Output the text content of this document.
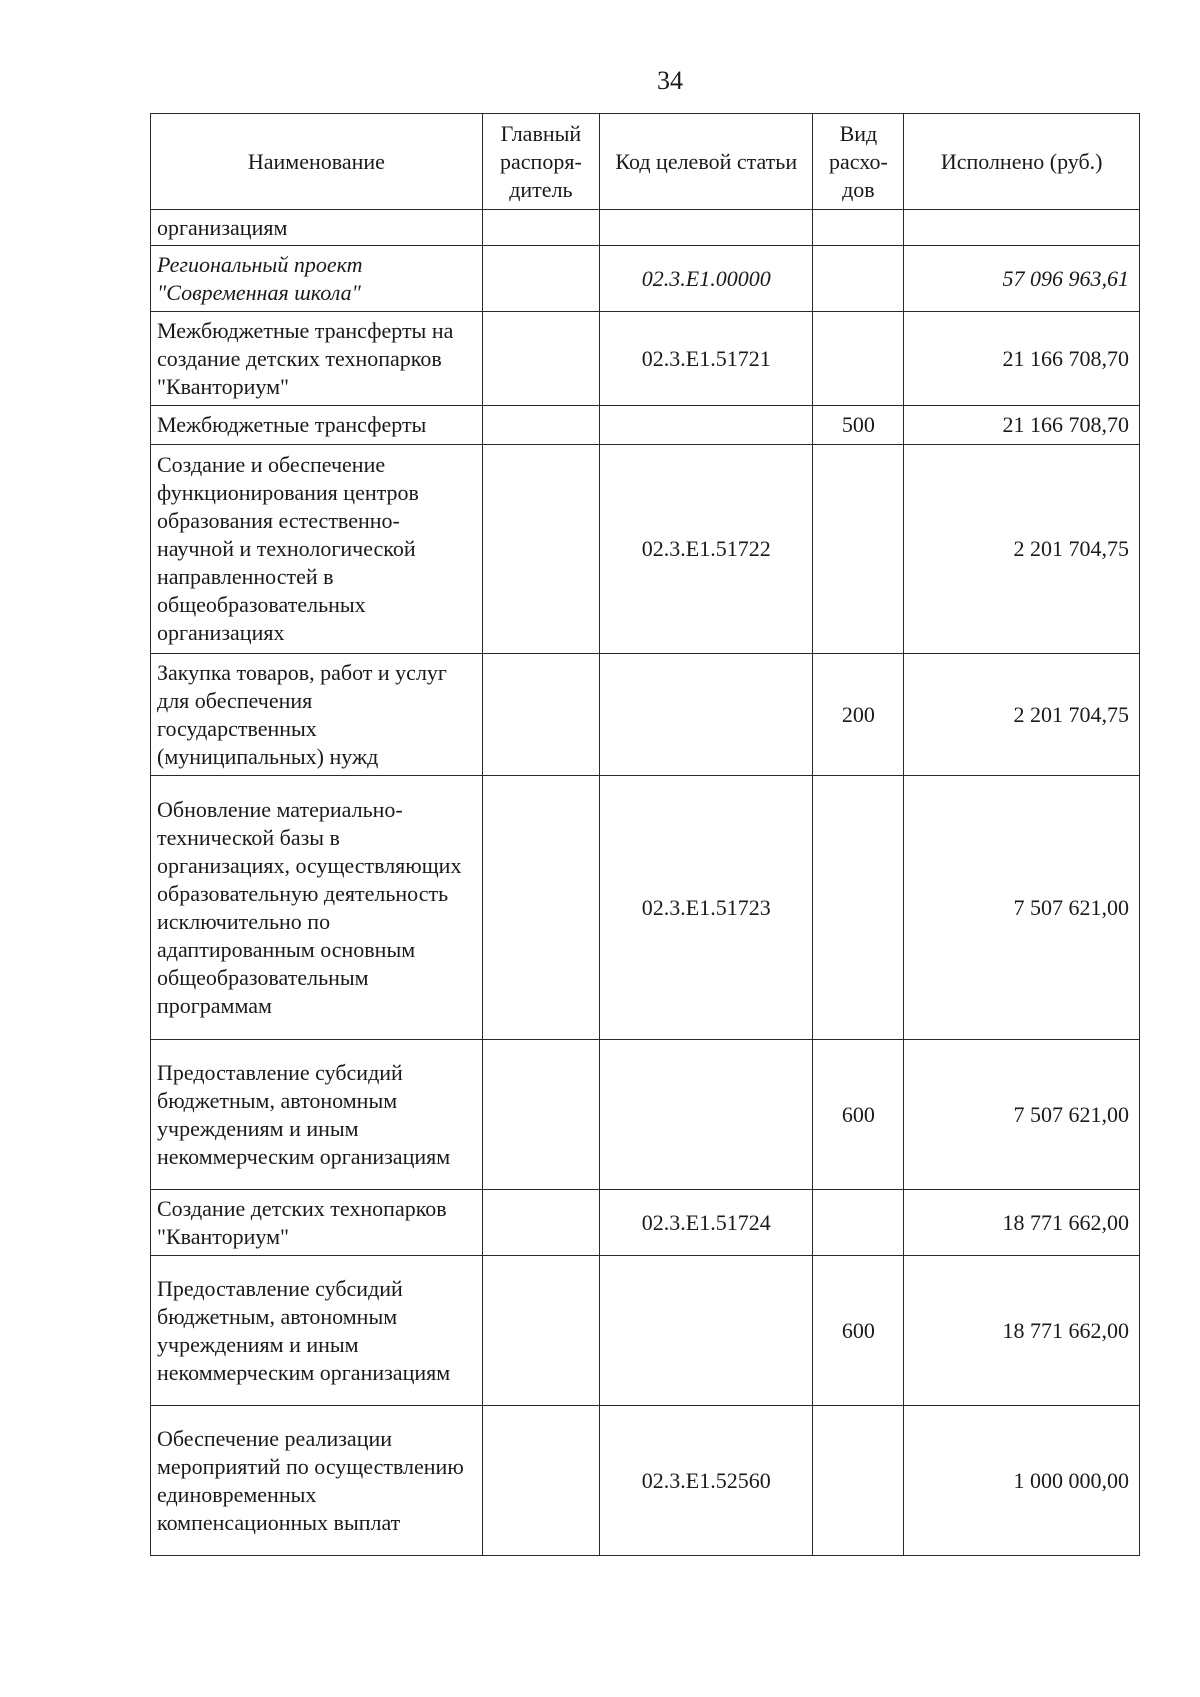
34
Наименование	Главный распоря-дитель	Код целевой статьи	Вид расхо-дов	Исполнено (руб.)
организациям				
Региональный проект "Современная школа"		02.3.E1.00000		57 096 963,61
Межбюджетные трансферты на создание детских технопарков "Кванториум"		02.3.E1.51721		21 166 708,70
Межбюджетные трансферты			500	21 166 708,70
Создание и обеспечение функционирования центров образования естественно-научной и технологической направленностей в общеобразовательных организациях		02.3.E1.51722		2 201 704,75
Закупка товаров, работ и услуг для обеспечения государственных (муниципальных) нужд			200	2 201 704,75
Обновление материально-технической базы в организациях, осуществляющих образовательную деятельность исключительно по адаптированным основным общеобразовательным программам		02.3.E1.51723		7 507 621,00
Предоставление субсидий бюджетным, автономным учреждениям и иным некоммерческим организациям			600	7 507 621,00
Создание детских технопарков "Кванториум"		02.3.E1.51724		18 771 662,00
Предоставление субсидий бюджетным, автономным учреждениям и иным некоммерческим организациям			600	18 771 662,00
Обеспечение реализации мероприятий по осуществлению единовременных компенсационных выплат		02.3.E1.52560		1 000 000,00
